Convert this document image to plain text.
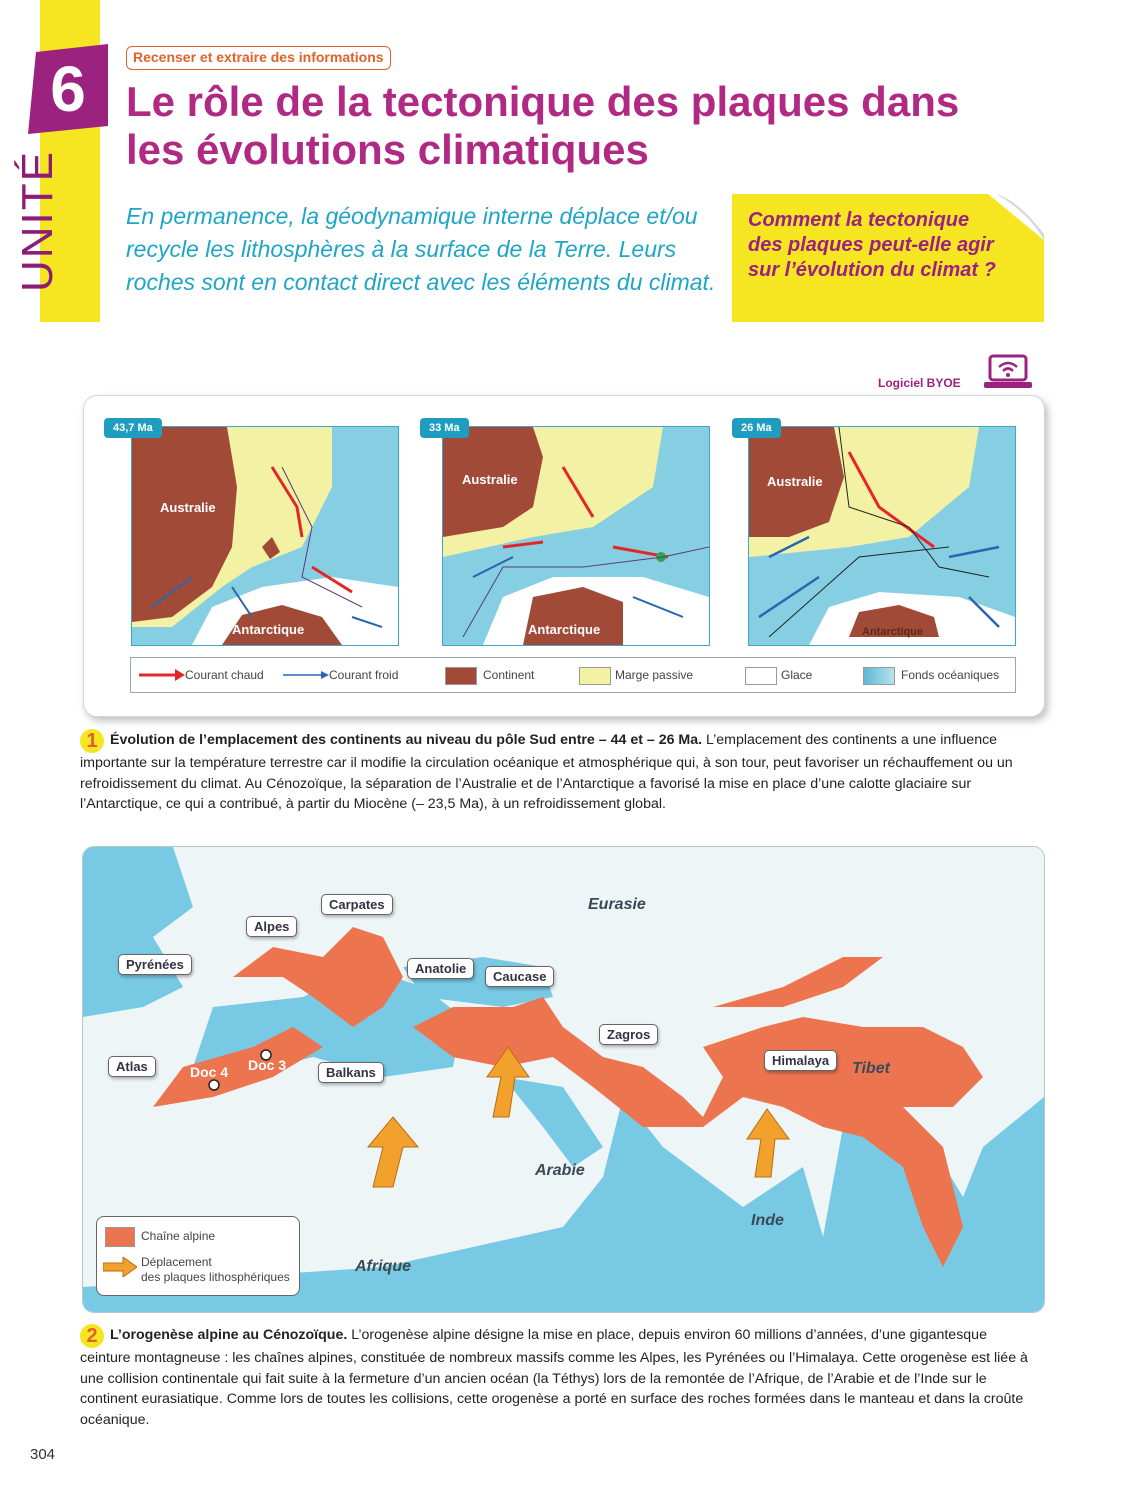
6
UNITÉ
Recenser et extraire des informations
Le rôle de la tectonique des plaques dans les évolutions climatiques
En permanence, la géodynamique interne déplace et/ou recycle les lithosphères à la surface de la Terre. Leurs roches sont en contact direct avec les éléments du climat.
Comment la tectonique des plaques peut-elle agir sur l’évolution du climat ?
Logiciel BYOE
43,7 Ma
Australie
Antarctique
33 Ma
Australie
Antarctique
26 Ma
Australie
Antarctique
Courant chaud	Courant froid	Continent	Marge passive	Glace	Fonds océaniques
1 Évolution de l’emplacement des continents au niveau du pôle Sud entre – 44 et – 26 Ma. L’emplacement des continents a une influence importante sur la température terrestre car il modifie la circulation océanique et atmosphérique qui, à son tour, peut favoriser un réchauffement ou un refroidissement du climat. Au Cénozoïque, la séparation de l’Australie et de l’Antarctique a favorisé la mise en place d’une calotte glaciaire sur l’Antarctique, ce qui a contribué, à partir du Miocène (– 23,5 Ma), à un refroidissement global.
Carpates
Alpes
Pyrénées	Anatolie
Caucase
Zagros
Atlas	Balkans
Himalaya
Eurasie
Tibet
Arabie
Inde
Afrique
Doc 4 Doc 3
Chaîne alpine
Déplacement
des plaques lithosphériques
2 L’orogenèse alpine au Cénozoïque. L’orogenèse alpine désigne la mise en place, depuis environ 60 millions d’années, d’une gigantesque ceinture montagneuse : les chaînes alpines, constituée de nombreux massifs comme les Alpes, les Pyrénées ou l’Himalaya. Cette orogenèse est liée à une collision continentale qui fait suite à la fermeture d’un ancien océan (la Téthys) lors de la remontée de l’Afrique, de l’Arabie et de l’Inde sur le continent eurasiatique. Comme lors de toutes les collisions, cette orogenèse a porté en surface des roches formées dans le manteau et dans la croûte océanique.
304
